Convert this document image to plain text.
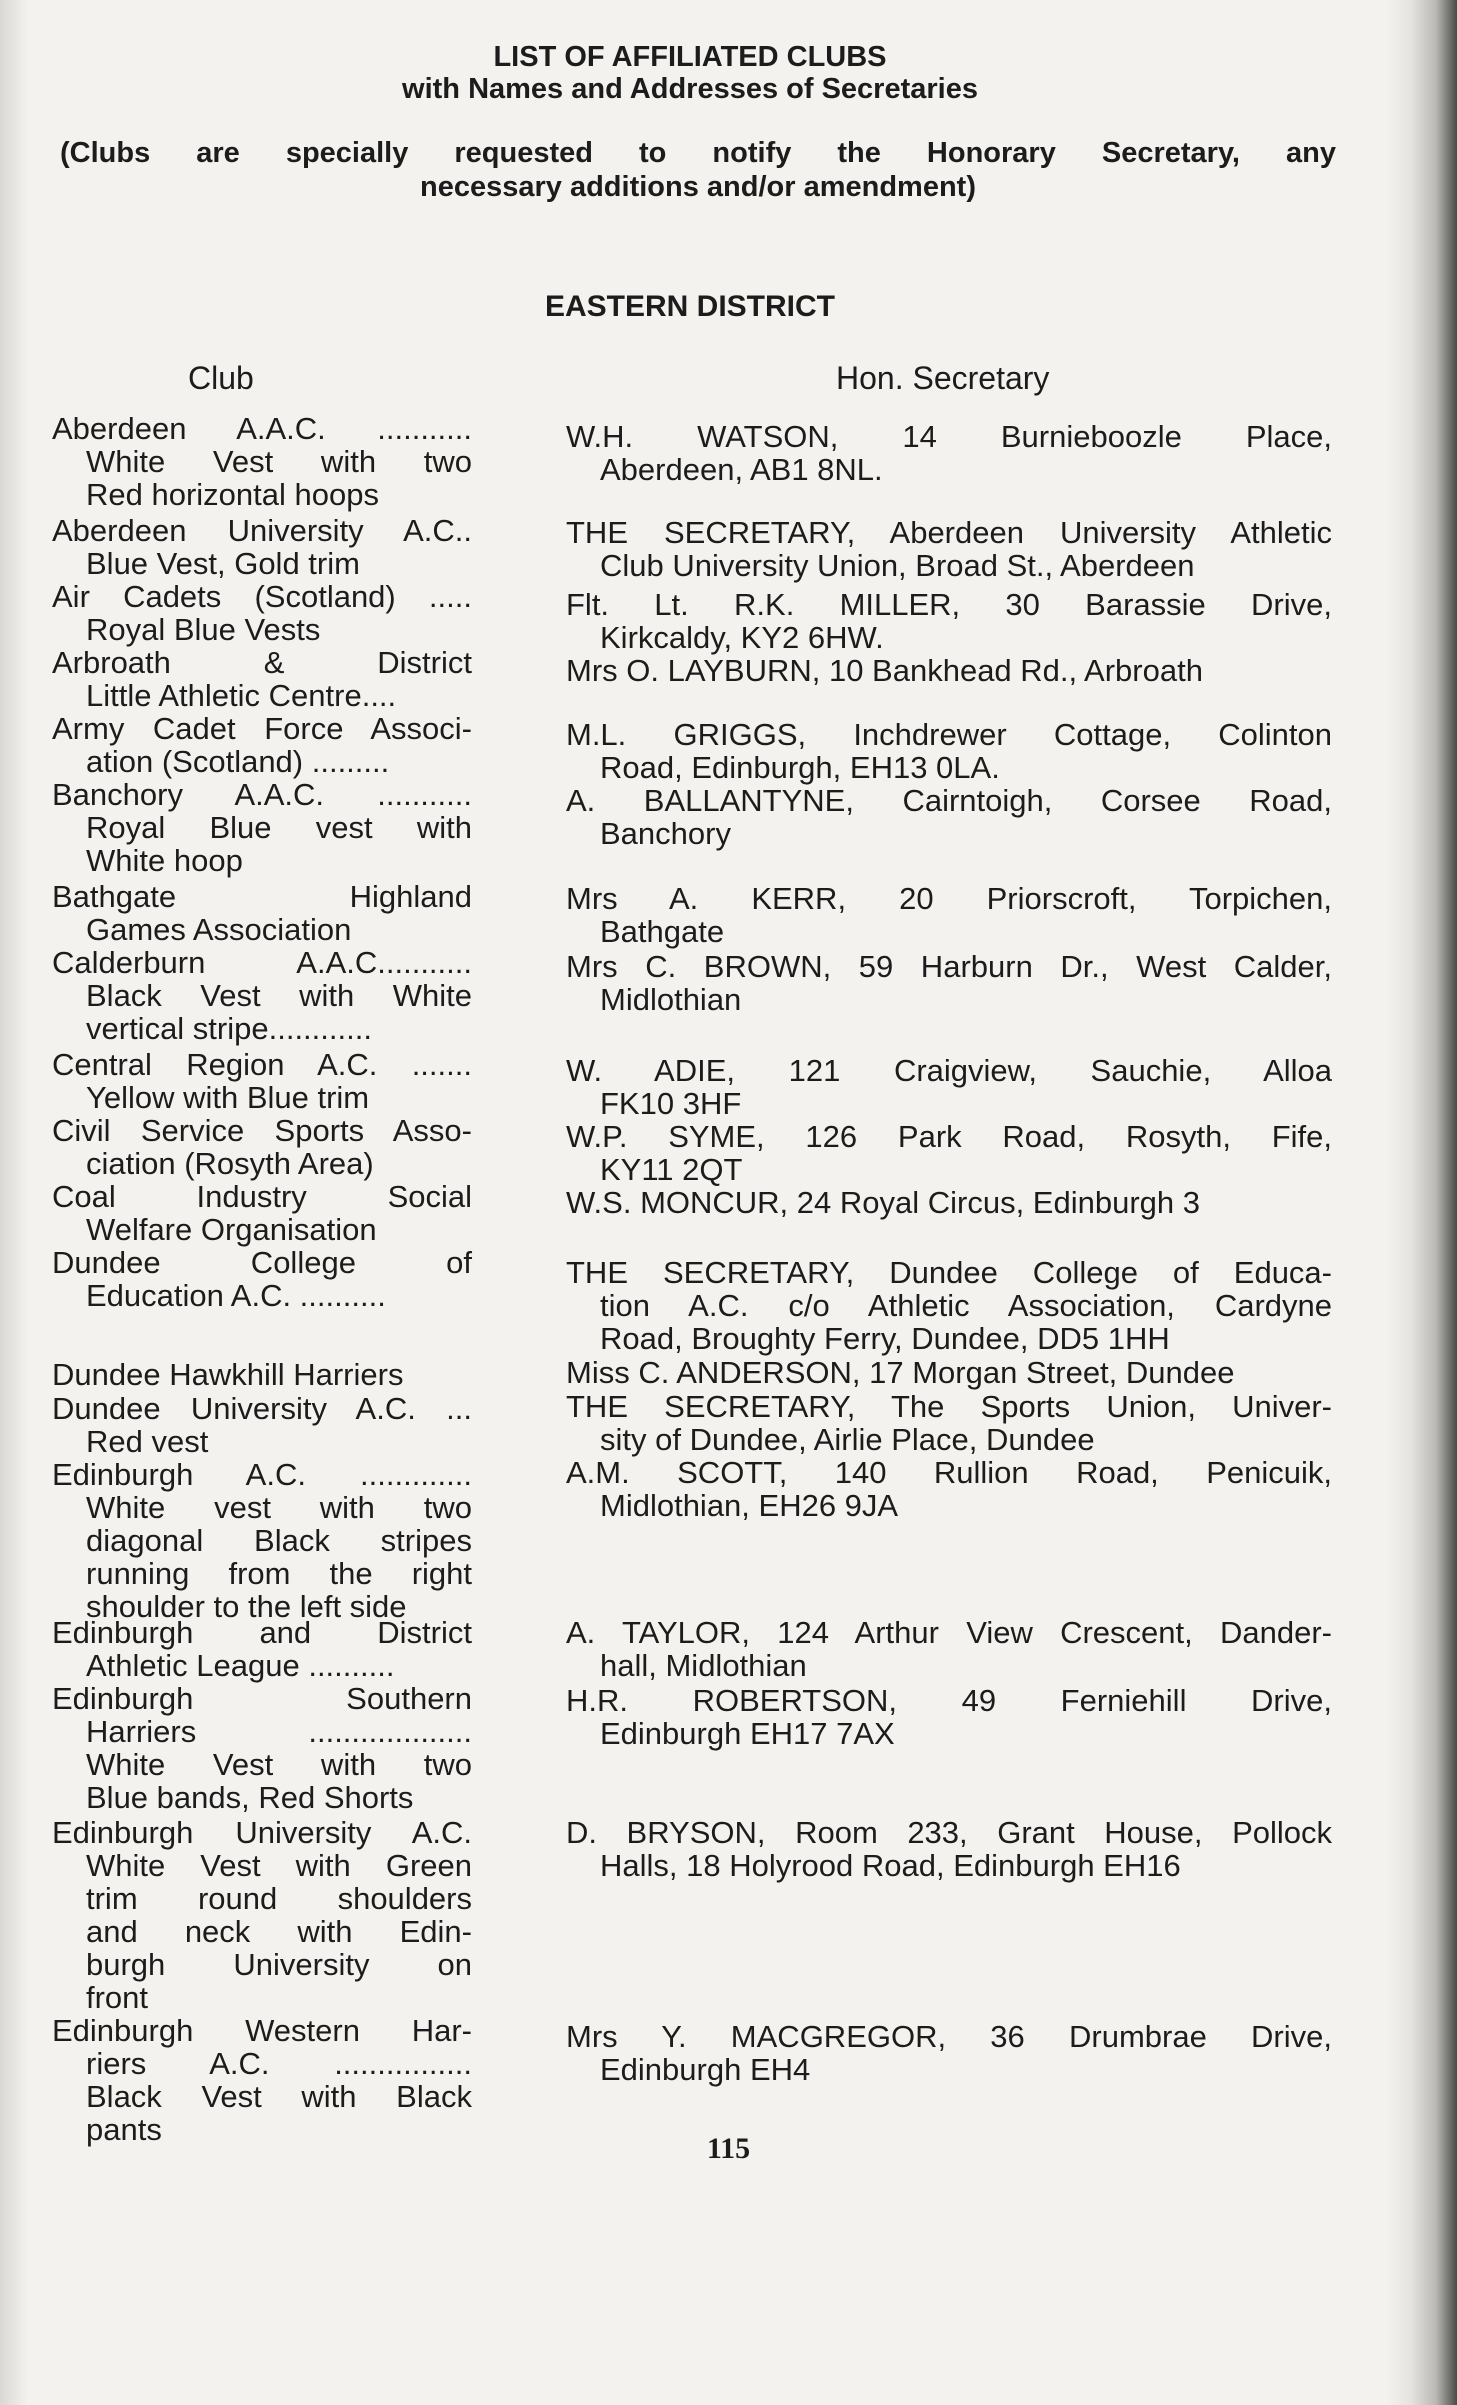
LIST OF AFFILIATED CLUBS
with Names and Addresses of Secretaries

(Clubs are specially requested to notify the Honorary Secretary, any
necessary additions and/or amendment)

EASTERN DISTRICT
Club	Hon. Secretary
Aberdeen A.A.C. ...........
White Vest with two
Red horizontal hoops
Aberdeen University A.C..
Blue Vest, Gold trim
Air Cadets (Scotland) .....
Royal Blue Vests
Arbroath & District
Little Athletic Centre....
Army Cadet Force Associ-
ation (Scotland) .........
Banchory A.A.C. ...........
Royal Blue vest with
White hoop
Bathgate Highland
Games Association
Calderburn A.A.C...........
Black Vest with White
vertical stripe............
Central Region A.C. .......
Yellow with Blue trim
Civil Service Sports Asso-
ciation (Rosyth Area)
Coal Industry Social
Welfare Organisation
Dundee College of
Education A.C. ..........
Dundee Hawkhill Harriers
Dundee University A.C. ...
Red vest
Edinburgh A.C. .............
White vest with two
diagonal Black stripes
running from the right
shoulder to the left side
Edinburgh and District
Athletic League ..........
Edinburgh Southern
Harriers ...................
White Vest with two
Blue bands, Red Shorts
Edinburgh University A.C.
White Vest with Green
trim round shoulders
and neck with Edin-
burgh University on
front
Edinburgh Western Har-
riers A.C. ................
Black Vest with Black
pants
W.H. WATSON, 14 Burnieboozle Place,
Aberdeen, AB1 8NL.
THE SECRETARY, Aberdeen University Athletic
Club University Union, Broad St., Aberdeen
Flt. Lt. R.K. MILLER, 30 Barassie Drive,
Kirkcaldy, KY2 6HW.
Mrs O. LAYBURN, 10 Bankhead Rd., Arbroath
M.L. GRIGGS, Inchdrewer Cottage, Colinton
Road, Edinburgh, EH13 0LA.
A. BALLANTYNE, Cairntoigh, Corsee Road,
Banchory
Mrs A. KERR, 20 Priorscroft, Torpichen,
Bathgate
Mrs C. BROWN, 59 Harburn Dr., West Calder,
Midlothian
W. ADIE, 121 Craigview, Sauchie, Alloa
FK10 3HF
W.P. SYME, 126 Park Road, Rosyth, Fife,
KY11 2QT
W.S. MONCUR, 24 Royal Circus, Edinburgh 3
THE SECRETARY, Dundee College of Educa-
tion A.C. c/o Athletic Association, Cardyne
Road, Broughty Ferry, Dundee, DD5 1HH
Miss C. ANDERSON, 17 Morgan Street, Dundee
THE SECRETARY, The Sports Union, Univer-
sity of Dundee, Airlie Place, Dundee
A.M. SCOTT, 140 Rullion Road, Penicuik,
Midlothian, EH26 9JA
A. TAYLOR, 124 Arthur View Crescent, Dander-
hall, Midlothian
H.R. ROBERTSON, 49 Ferniehill Drive,
Edinburgh EH17 7AX
D. BRYSON, Room 233, Grant House, Pollock
Halls, 18 Holyrood Road, Edinburgh EH16
Mrs Y. MACGREGOR, 36 Drumbrae Drive,
Edinburgh EH4
115
